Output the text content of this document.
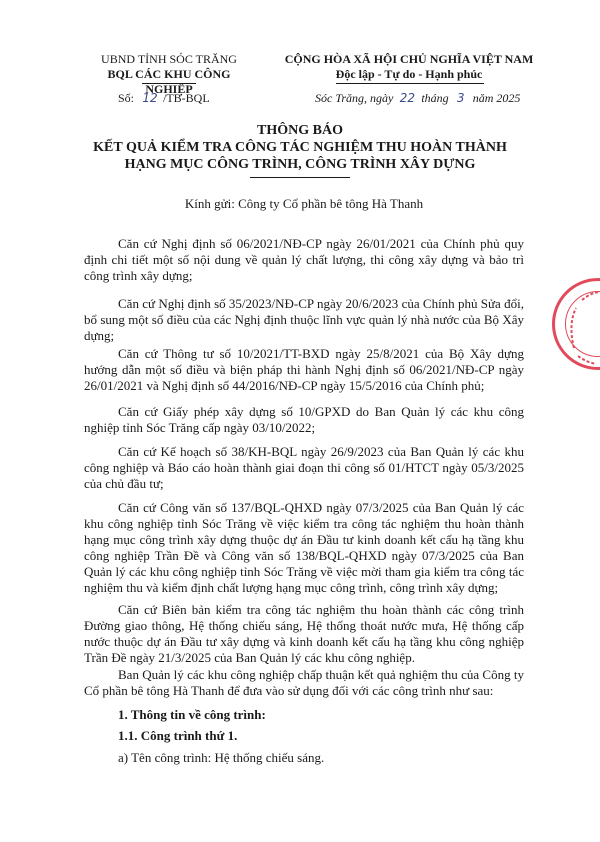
UBND TỈNH SÓC TRĂNG
BQL CÁC KHU CÔNG NGHIỆP
Số: 12 /TB-BQL
CỘNG HÒA XÃ HỘI CHỦ NGHĨA VIỆT NAM
Độc lập - Tự do - Hạnh phúc
Sóc Trăng, ngày 22 tháng 3 năm 2025
THÔNG BÁO
KẾT QUẢ KIỂM TRA CÔNG TÁC NGHIỆM THU HOÀN THÀNH
HẠNG MỤC CÔNG TRÌNH, CÔNG TRÌNH XÂY DỰNG
Kính gửi: Công ty Cổ phần bê tông Hà Thanh

Căn cứ Nghị định số 06/2021/NĐ-CP ngày 26/01/2021 của Chính phủ quy định chi tiết một số nội dung về quản lý chất lượng, thi công xây dựng và bảo trì công trình xây dựng;

Căn cứ Nghị định số 35/2023/NĐ-CP ngày 20/6/2023 của Chính phủ Sửa đổi, bổ sung một số điều của các Nghị định thuộc lĩnh vực quản lý nhà nước của Bộ Xây dựng;

Căn cứ Thông tư số 10/2021/TT-BXD ngày 25/8/2021 của Bộ Xây dựng hướng dẫn một số điều và biện pháp thi hành Nghị định số 06/2021/NĐ-CP ngày 26/01/2021 và Nghị định số 44/2016/NĐ-CP ngày 15/5/2016 của Chính phủ;

Căn cứ Giấy phép xây dựng số 10/GPXD do Ban Quản lý các khu công nghiệp tỉnh Sóc Trăng cấp ngày 03/10/2022;

Căn cứ Kế hoạch số 38/KH-BQL ngày 26/9/2023 của Ban Quản lý các khu công nghiệp và Báo cáo hoàn thành giai đoạn thi công số 01/HTCT ngày 05/3/2025 của chủ đầu tư;

Căn cứ Công văn số 137/BQL-QHXD ngày 07/3/2025 của Ban Quản lý các khu công nghiệp tỉnh Sóc Trăng về việc kiểm tra công tác nghiệm thu hoàn thành hạng mục công trình xây dựng thuộc dự án Đầu tư kinh doanh kết cấu hạ tầng khu công nghiệp Trần Đề và Công văn số 138/BQL-QHXD ngày 07/3/2025 của Ban Quản lý các khu công nghiệp tỉnh Sóc Trăng về việc mời tham gia kiểm tra công tác nghiệm thu và kiểm định chất lượng hạng mục công trình, công trình xây dựng;

Căn cứ Biên bản kiểm tra công tác nghiệm thu hoàn thành các công trình Đường giao thông, Hệ thống chiếu sáng, Hệ thống thoát nước mưa, Hệ thống cấp nước thuộc dự án Đầu tư xây dựng và kinh doanh kết cấu hạ tầng khu công nghiệp Trần Đề ngày 21/3/2025 của Ban Quản lý các khu công nghiệp.

Ban Quản lý các khu công nghiệp chấp thuận kết quả nghiệm thu của Công ty Cổ phần bê tông Hà Thanh để đưa vào sử dụng đối với các công trình như sau:

1. Thông tin về công trình:
1.1. Công trình thứ 1.
a) Tên công trình: Hệ thống chiếu sáng.
